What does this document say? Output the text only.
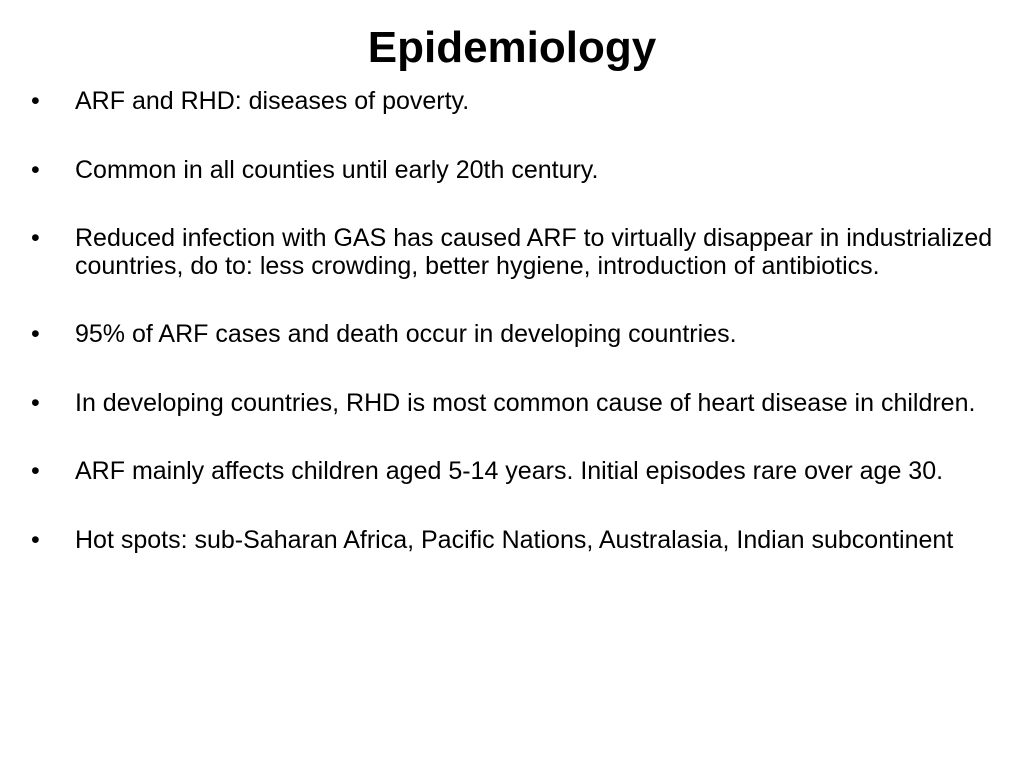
Epidemiology
•	ARF and RHD: diseases of poverty.
•	Common in all counties until early 20th century.
•	Reduced infection with GAS has caused ARF to virtually disappear in industrialized countries, do to: less crowding, better hygiene, introduction of antibiotics.
•	95% of ARF cases and death occur in developing countries.
•	In developing countries, RHD is most common cause of heart disease in children.
•	ARF mainly affects children aged 5-14 years. Initial episodes rare over age 30.
•	Hot spots: sub-Saharan Africa, Pacific Nations, Australasia, Indian subcontinent
